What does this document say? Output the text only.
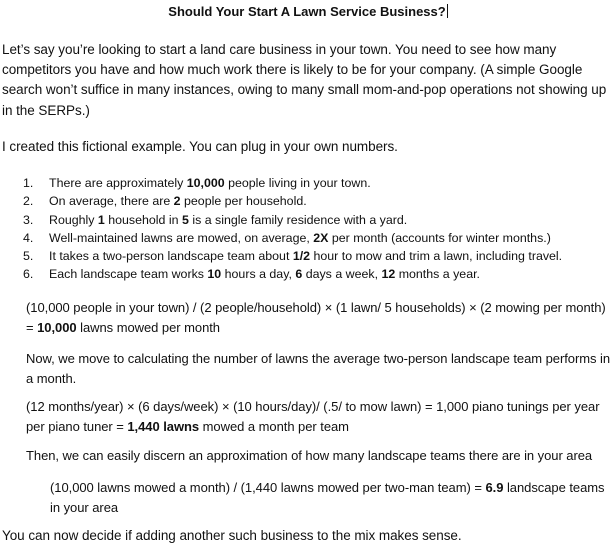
Should Your Start A Lawn Service Business?

Let’s say you’re looking to start a land care business in your town. You need to see how many competitors you have and how much work there is likely to be for your company. (A simple Google search won’t suffice in many instances, owing to many small mom-and-pop operations not showing up in the SERPs.)

I created this fictional example. You can plug in your own numbers.

1. There are approximately 10,000 people living in your town.
2. On average, there are 2 people per household.
3. Roughly 1 household in 5 is a single family residence with a yard.
4. Well-maintained lawns are mowed, on average, 2X per month (accounts for winter months.)
5. It takes a two-person landscape team about 1/2 hour to mow and trim a lawn, including travel.
6. Each landscape team works 10 hours a day, 6 days a week, 12 months a year.

(10,000 people in your town) / (2 people/household) × (1 lawn/ 5 households) × (2 mowing per month) = 10,000 lawns mowed per month

Now, we move to calculating the number of lawns the average two-person landscape team performs in a month.

(12 months/year) × (6 days/week) × (10 hours/day)/ (.5/ to mow lawn) = 1,000 piano tunings per year per piano tuner = 1,440 lawns mowed a month per team

Then, we can easily discern an approximation of how many landscape teams there are in your area

(10,000 lawns mowed a month) / (1,440 lawns mowed per two-man team) = 6.9 landscape teams in your area

You can now decide if adding another such business to the mix makes sense.
